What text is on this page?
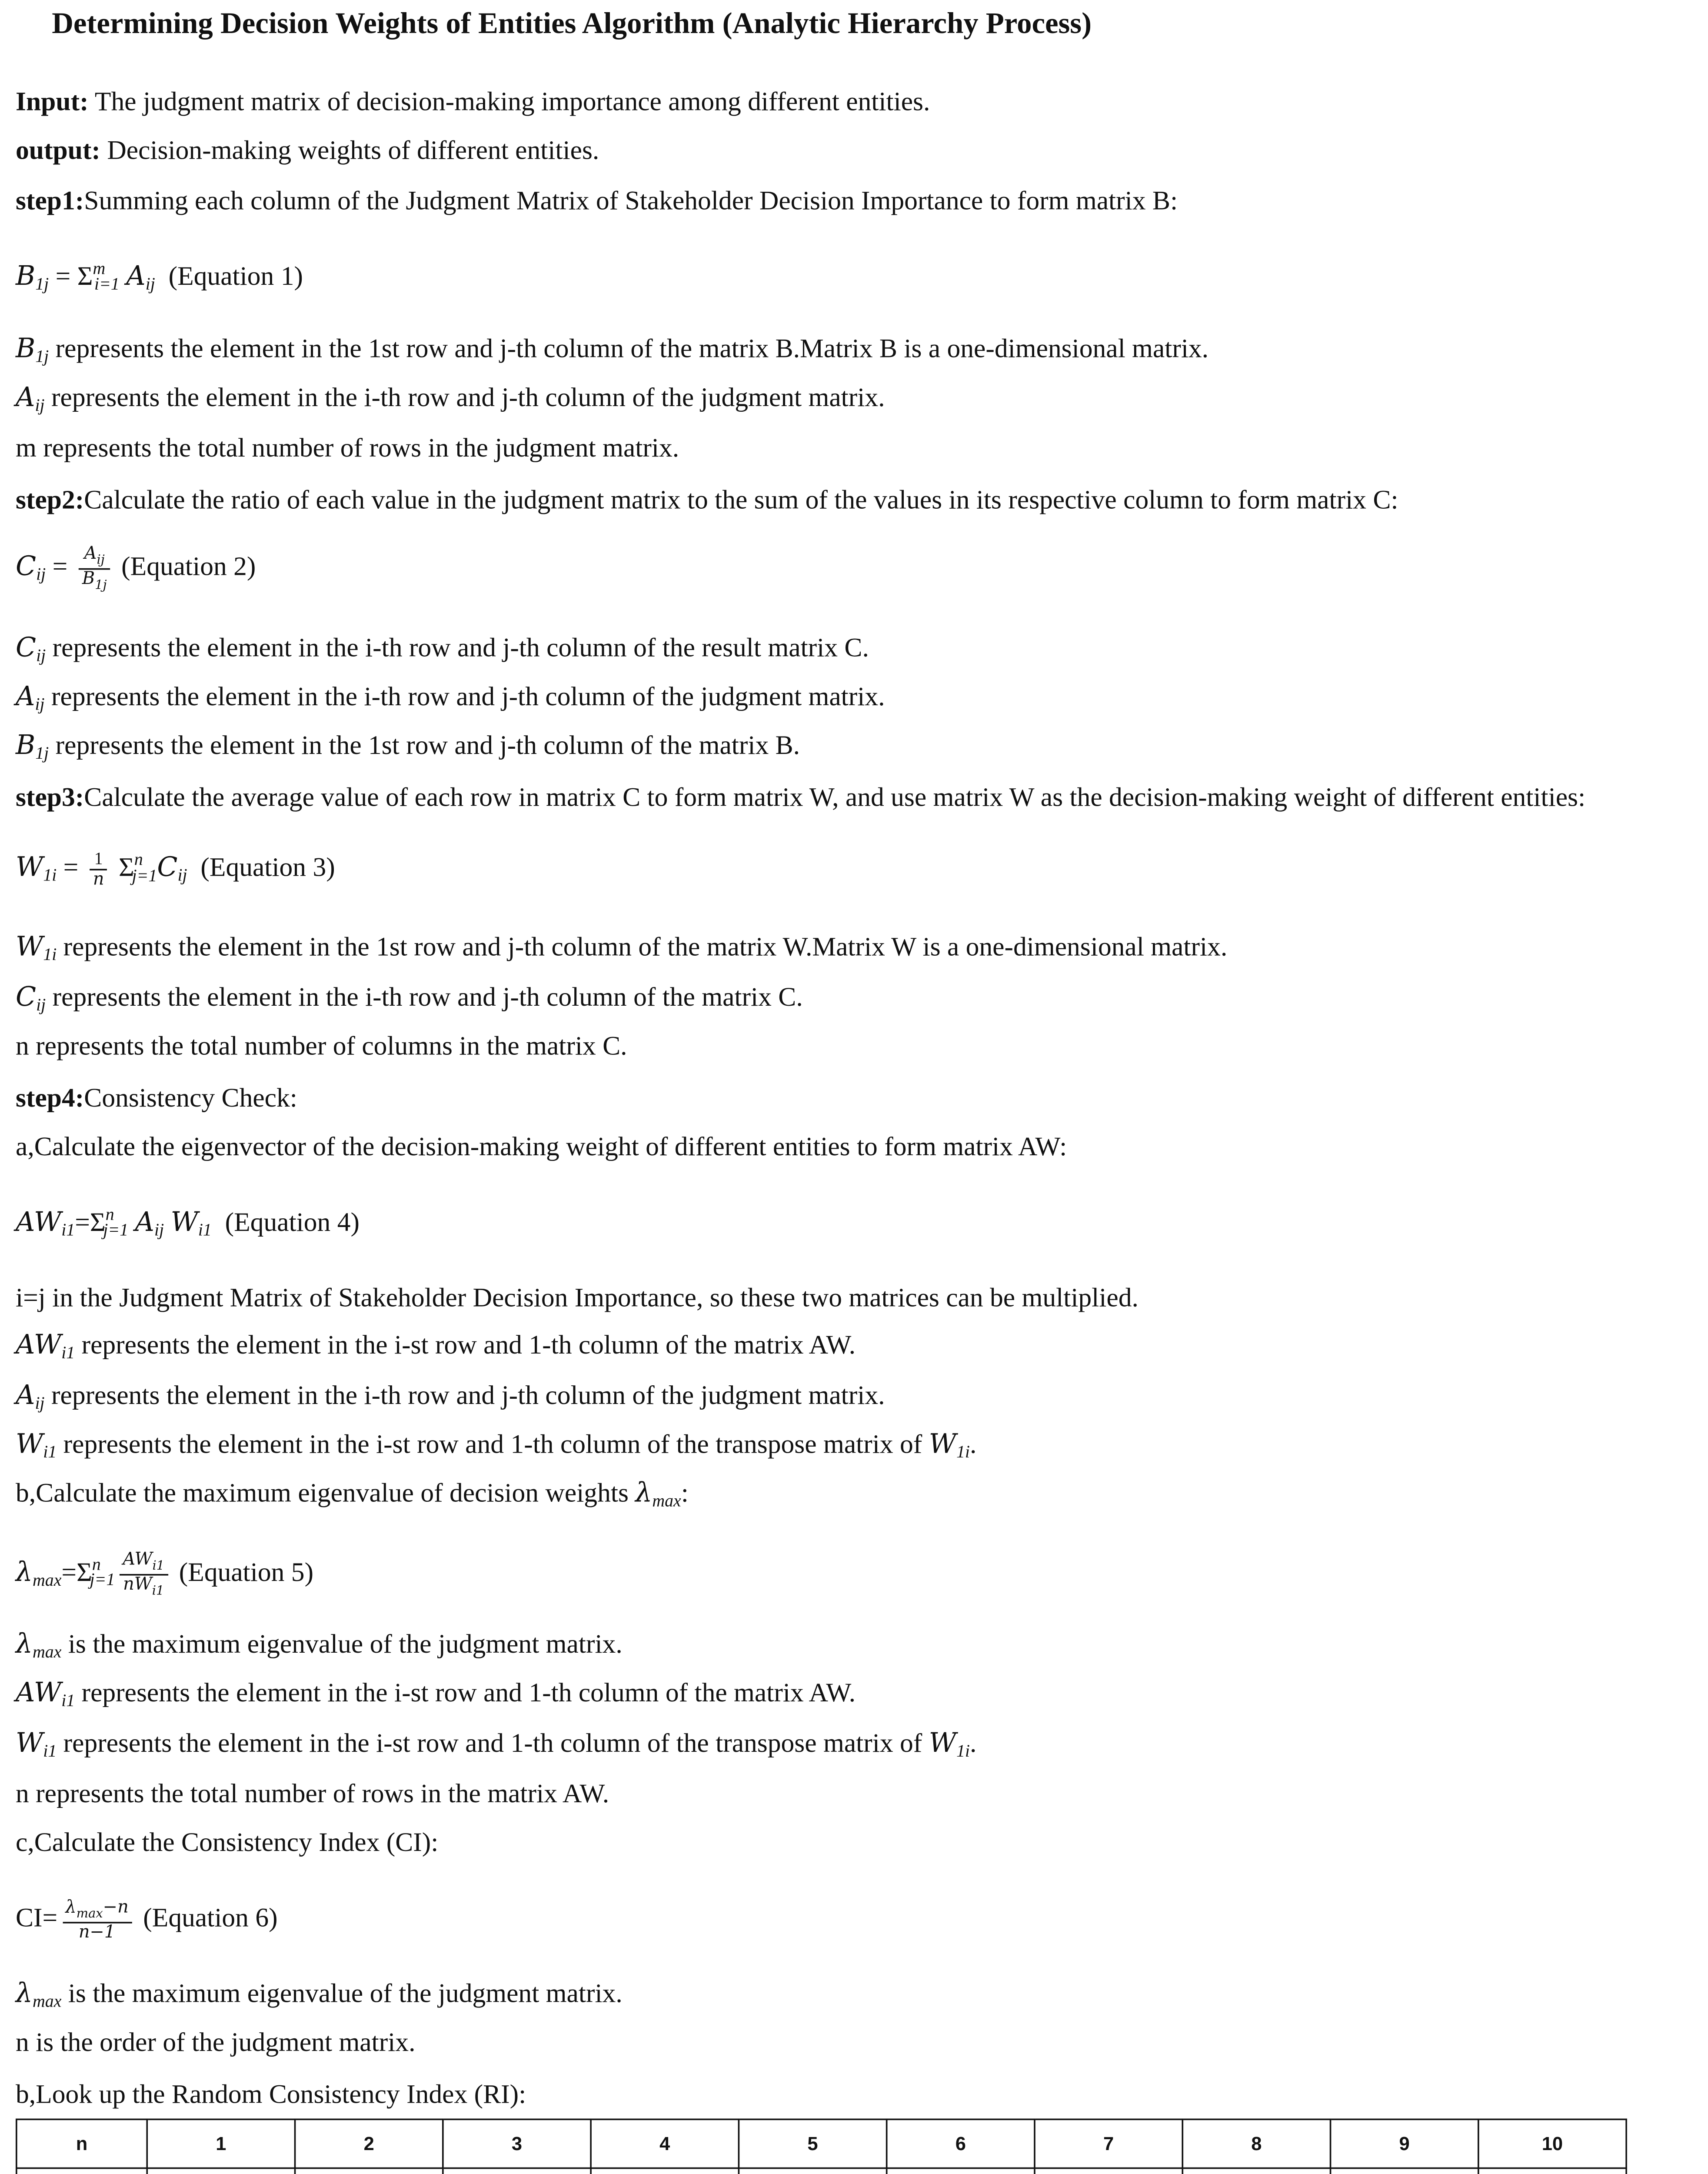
Determining Decision Weights of Entities Algorithm (Analytic Hierarchy Process)
Input: The judgment matrix of decision-making importance among different entities.
output: Decision-making weights of different entities.
step1:Summing each column of the Judgment Matrix of Stakeholder Decision Importance to form matrix B:
$B_{1j} = \Sigma^m_{i=1}$ $A_{ij}$ (Equation 1)
$B_{1j}$ represents the element in the 1st row and j-th column of the matrix B.Matrix B is a one-dimensional matrix.
$A_{ij}$ represents the element in the i-th row and j-th column of the judgment matrix.
m represents the total number of rows in the judgment matrix.
step2:Calculate the ratio of each value in the judgment matrix to the sum of the values in its respective column to form matrix C:
$C_{ij} = \frac{A_{ij}}{B_{1j}}$ (Equation 2)
$C_{ij}$ represents the element in the i-th row and j-th column of the result matrix C.
$A_{ij}$ represents the element in the i-th row and j-th column of the judgment matrix.
$B_{1j}$ represents the element in the 1st row and j-th column of the matrix B.
step3:Calculate the average value of each row in matrix C to form matrix W, and use matrix W as the decision-making weight of different entities:
$W_{1i} = \frac{1}{n} \Sigma^n_{j=1}C_{ij}$ (Equation 3)
$W_{1i}$ represents the element in the 1st row and j-th column of the matrix W.Matrix W is a one-dimensional matrix.
$C_{ij}$ represents the element in the i-th row and j-th column of the matrix C.
n represents the total number of columns in the matrix C.
step4:Consistency Check:
a,Calculate the eigenvector of the decision-making weight of different entities to form matrix AW:
$AW_{i1}=\Sigma^n_{j=1}$ $A_{ij}$ $W_{i1}$ (Equation 4)
i=j in the Judgment Matrix of Stakeholder Decision Importance, so these two matrices can be multiplied.
$AW_{i1}$ represents the element in the i-st row and 1-th column of the matrix AW.
$A_{ij}$ represents the element in the i-th row and j-th column of the judgment matrix.
$W_{i1}$ represents the element in the i-st row and 1-th column of the transpose matrix of $W_{1i}$.
b,Calculate the maximum eigenvalue of decision weights $\lambda_{max}$:
$\lambda_{max}=\Sigma^n_{j=1} \frac{AW_{i1}}{nW_{i1}}$ (Equation 5)
$\lambda_{max}$ is the maximum eigenvalue of the judgment matrix.
$AW_{i1}$ represents the element in the i-st row and 1-th column of the matrix AW.
$W_{i1}$ represents the element in the i-st row and 1-th column of the transpose matrix of $W_{1i}$.
n represents the total number of rows in the matrix AW.
c,Calculate the Consistency Index (CI):
$CI= \frac{\lambda_{max}-n}{n-1}$ (Equation 6)
$\lambda_{max}$ is the maximum eigenvalue of the judgment matrix.
n is the order of the judgment matrix.
b,Look up the Random Consistency Index (RI):
n	1	2	3	4	5	6	7	8	9	10
